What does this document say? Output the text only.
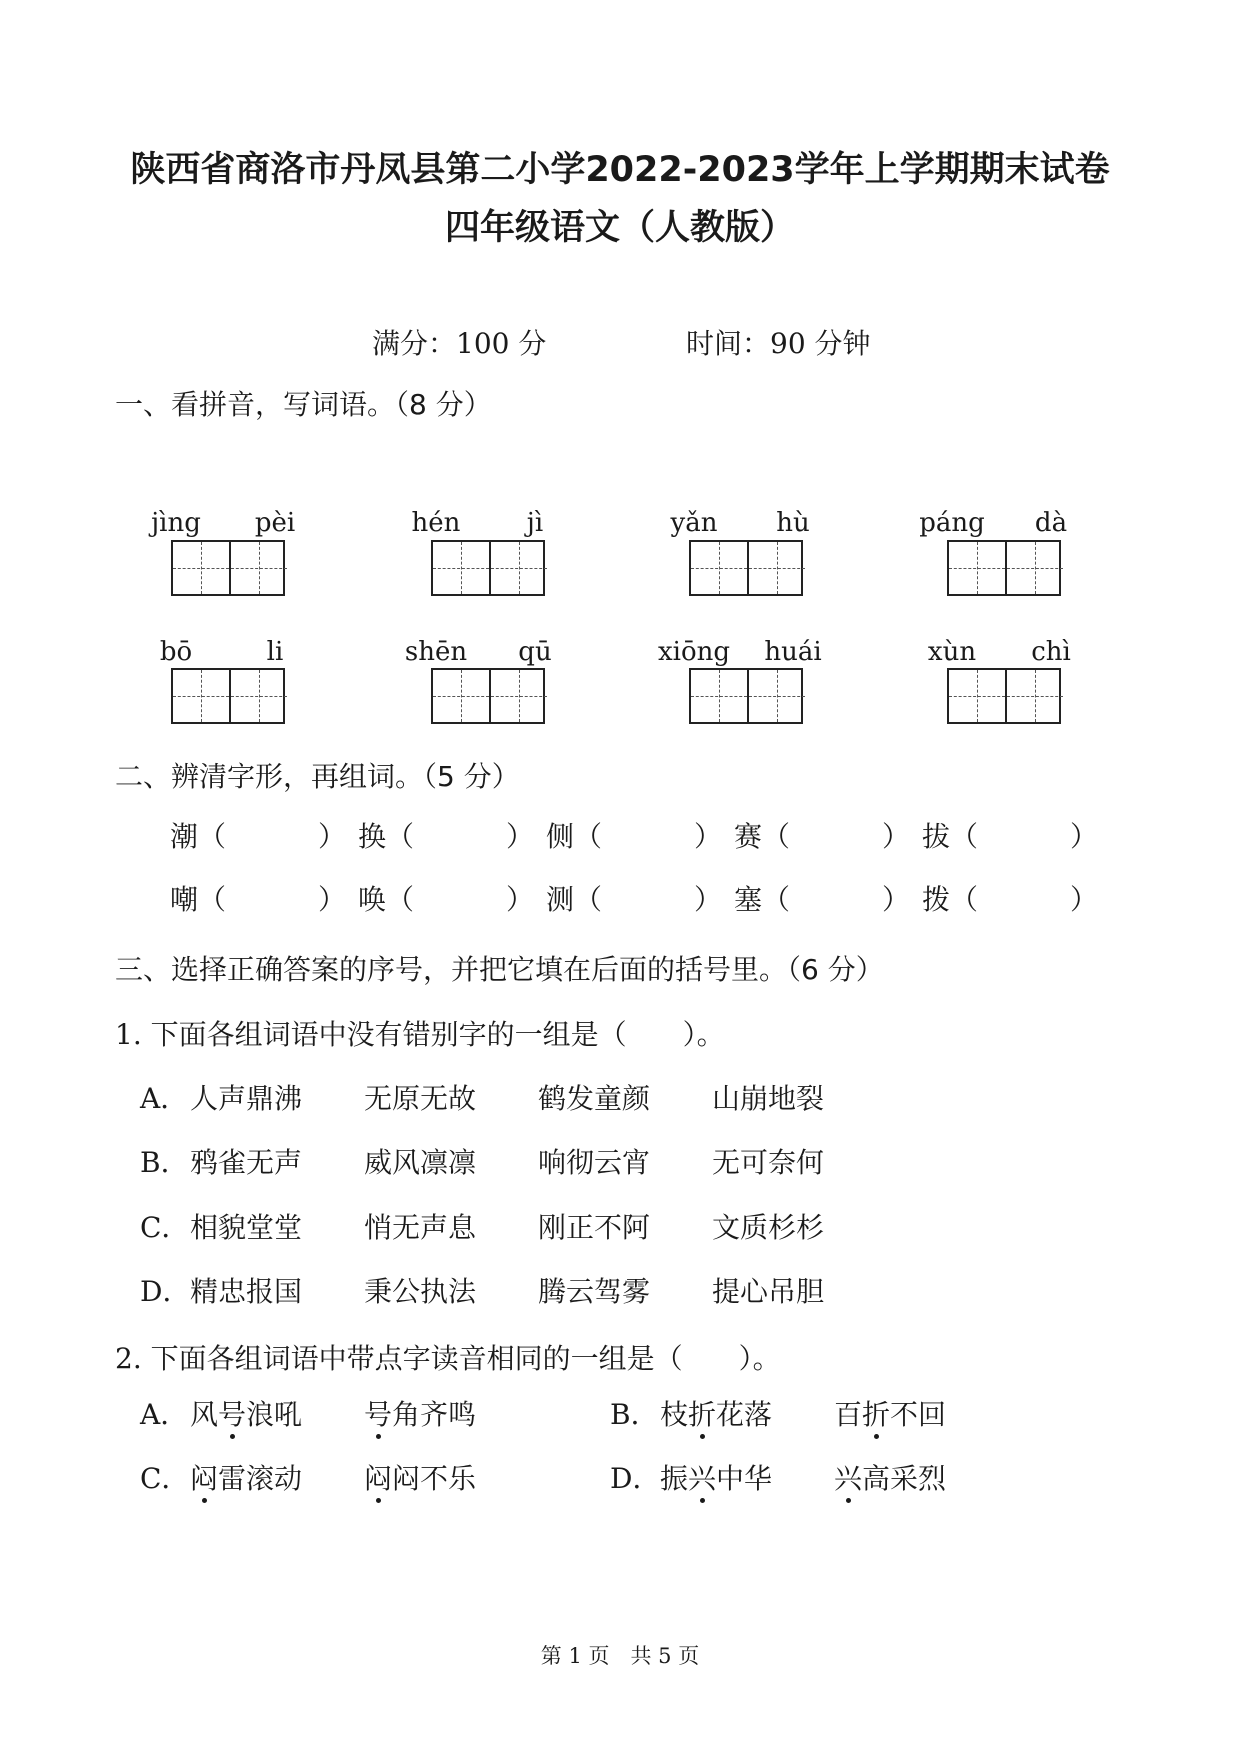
陕西省商洛市丹凤县第二小学2022-2023学年上学期期末试卷
四年级语文（人教版）
满分：100 分	时间：90 分钟
一、看拼音，写词语。（8 分）
jìng	pèi	hén	jì	yǎn	hù	páng	dà
bō	li	shēn	qū	xiōng	huái	xùn	chì
二、辨清字形，再组词。（5 分）
潮（	） 换（	） 侧（	） 赛（	） 拔（	）
嘲（	） 唤（	） 测（	） 塞（	） 拨（	）
三、选择正确答案的序号，并把它填在后面的括号里。（6 分）
1. 下面各组词语中没有错别字的一组是（　　）。
A． 人声鼎沸 无原无故 鹤发童颜 山崩地裂
B． 鸦雀无声 威风凛凛 响彻云宵 无可奈何
C． 相貌堂堂 悄无声息 刚正不阿 文质杉杉
D． 精忠报国 秉公执法 腾云驾雾 提心吊胆
2. 下面各组词语中带点字读音相同的一组是（　　）。
A． 风号浪吼 号角齐鸣	B． 枝折花落 百折不回
C． 闷雷滚动 闷闷不乐	D． 振兴中华 兴高采烈
第 1 页　共 5 页
